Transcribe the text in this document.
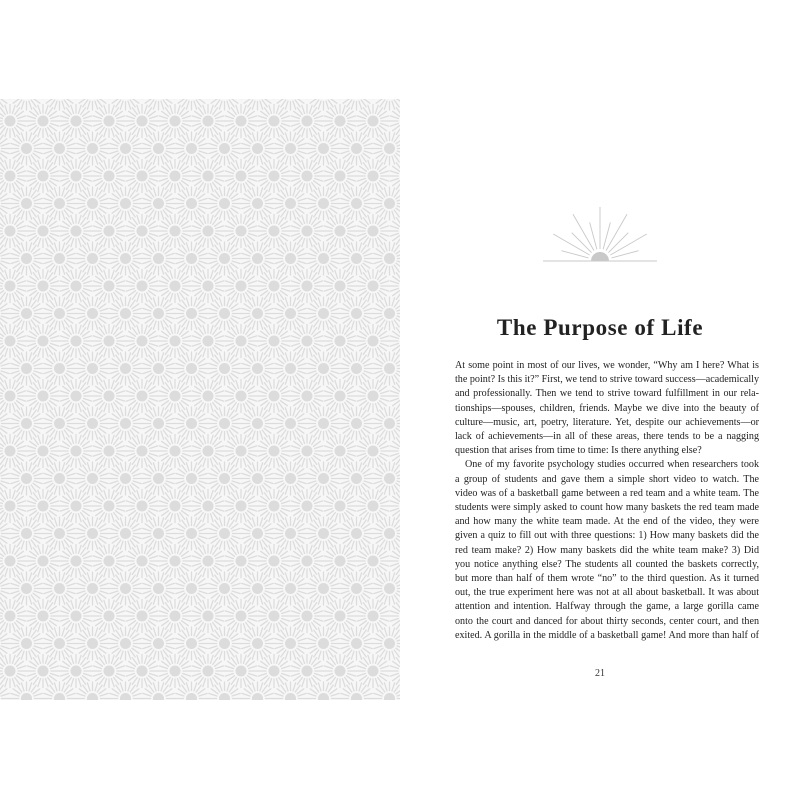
The Purpose of Life
At some point in most of our lives, we wonder, “Why am I here? What is
the point? Is this it?” First, we tend to strive toward success—academically
and professionally. Then we tend to strive toward fulfillment in our rela-
tionships—spouses, children, friends. Maybe we dive into the beauty of
culture—music, art, poetry, literature. Yet, despite our achievements—or
lack of achievements—in all of these areas, there tends to be a nagging
question that arises from time to time: Is there anything else?
One of my favorite psychology studies occurred when researchers took
a group of students and gave them a simple short video to watch. The
video was of a basketball game between a red team and a white team. The
students were simply asked to count how many baskets the red team made
and how many the white team made. At the end of the video, they were
given a quiz to fill out with three questions: 1) How many baskets did the
red team make? 2) How many baskets did the white team make? 3) Did
you notice anything else? The students all counted the baskets correctly,
but more than half of them wrote “no” to the third question. As it turned
out, the true experiment here was not at all about basketball. It was about
attention and intention. Halfway through the game, a large gorilla came
onto the court and danced for about thirty seconds, center court, and then
exited. A gorilla in the middle of a basketball game! And more than half of
21
